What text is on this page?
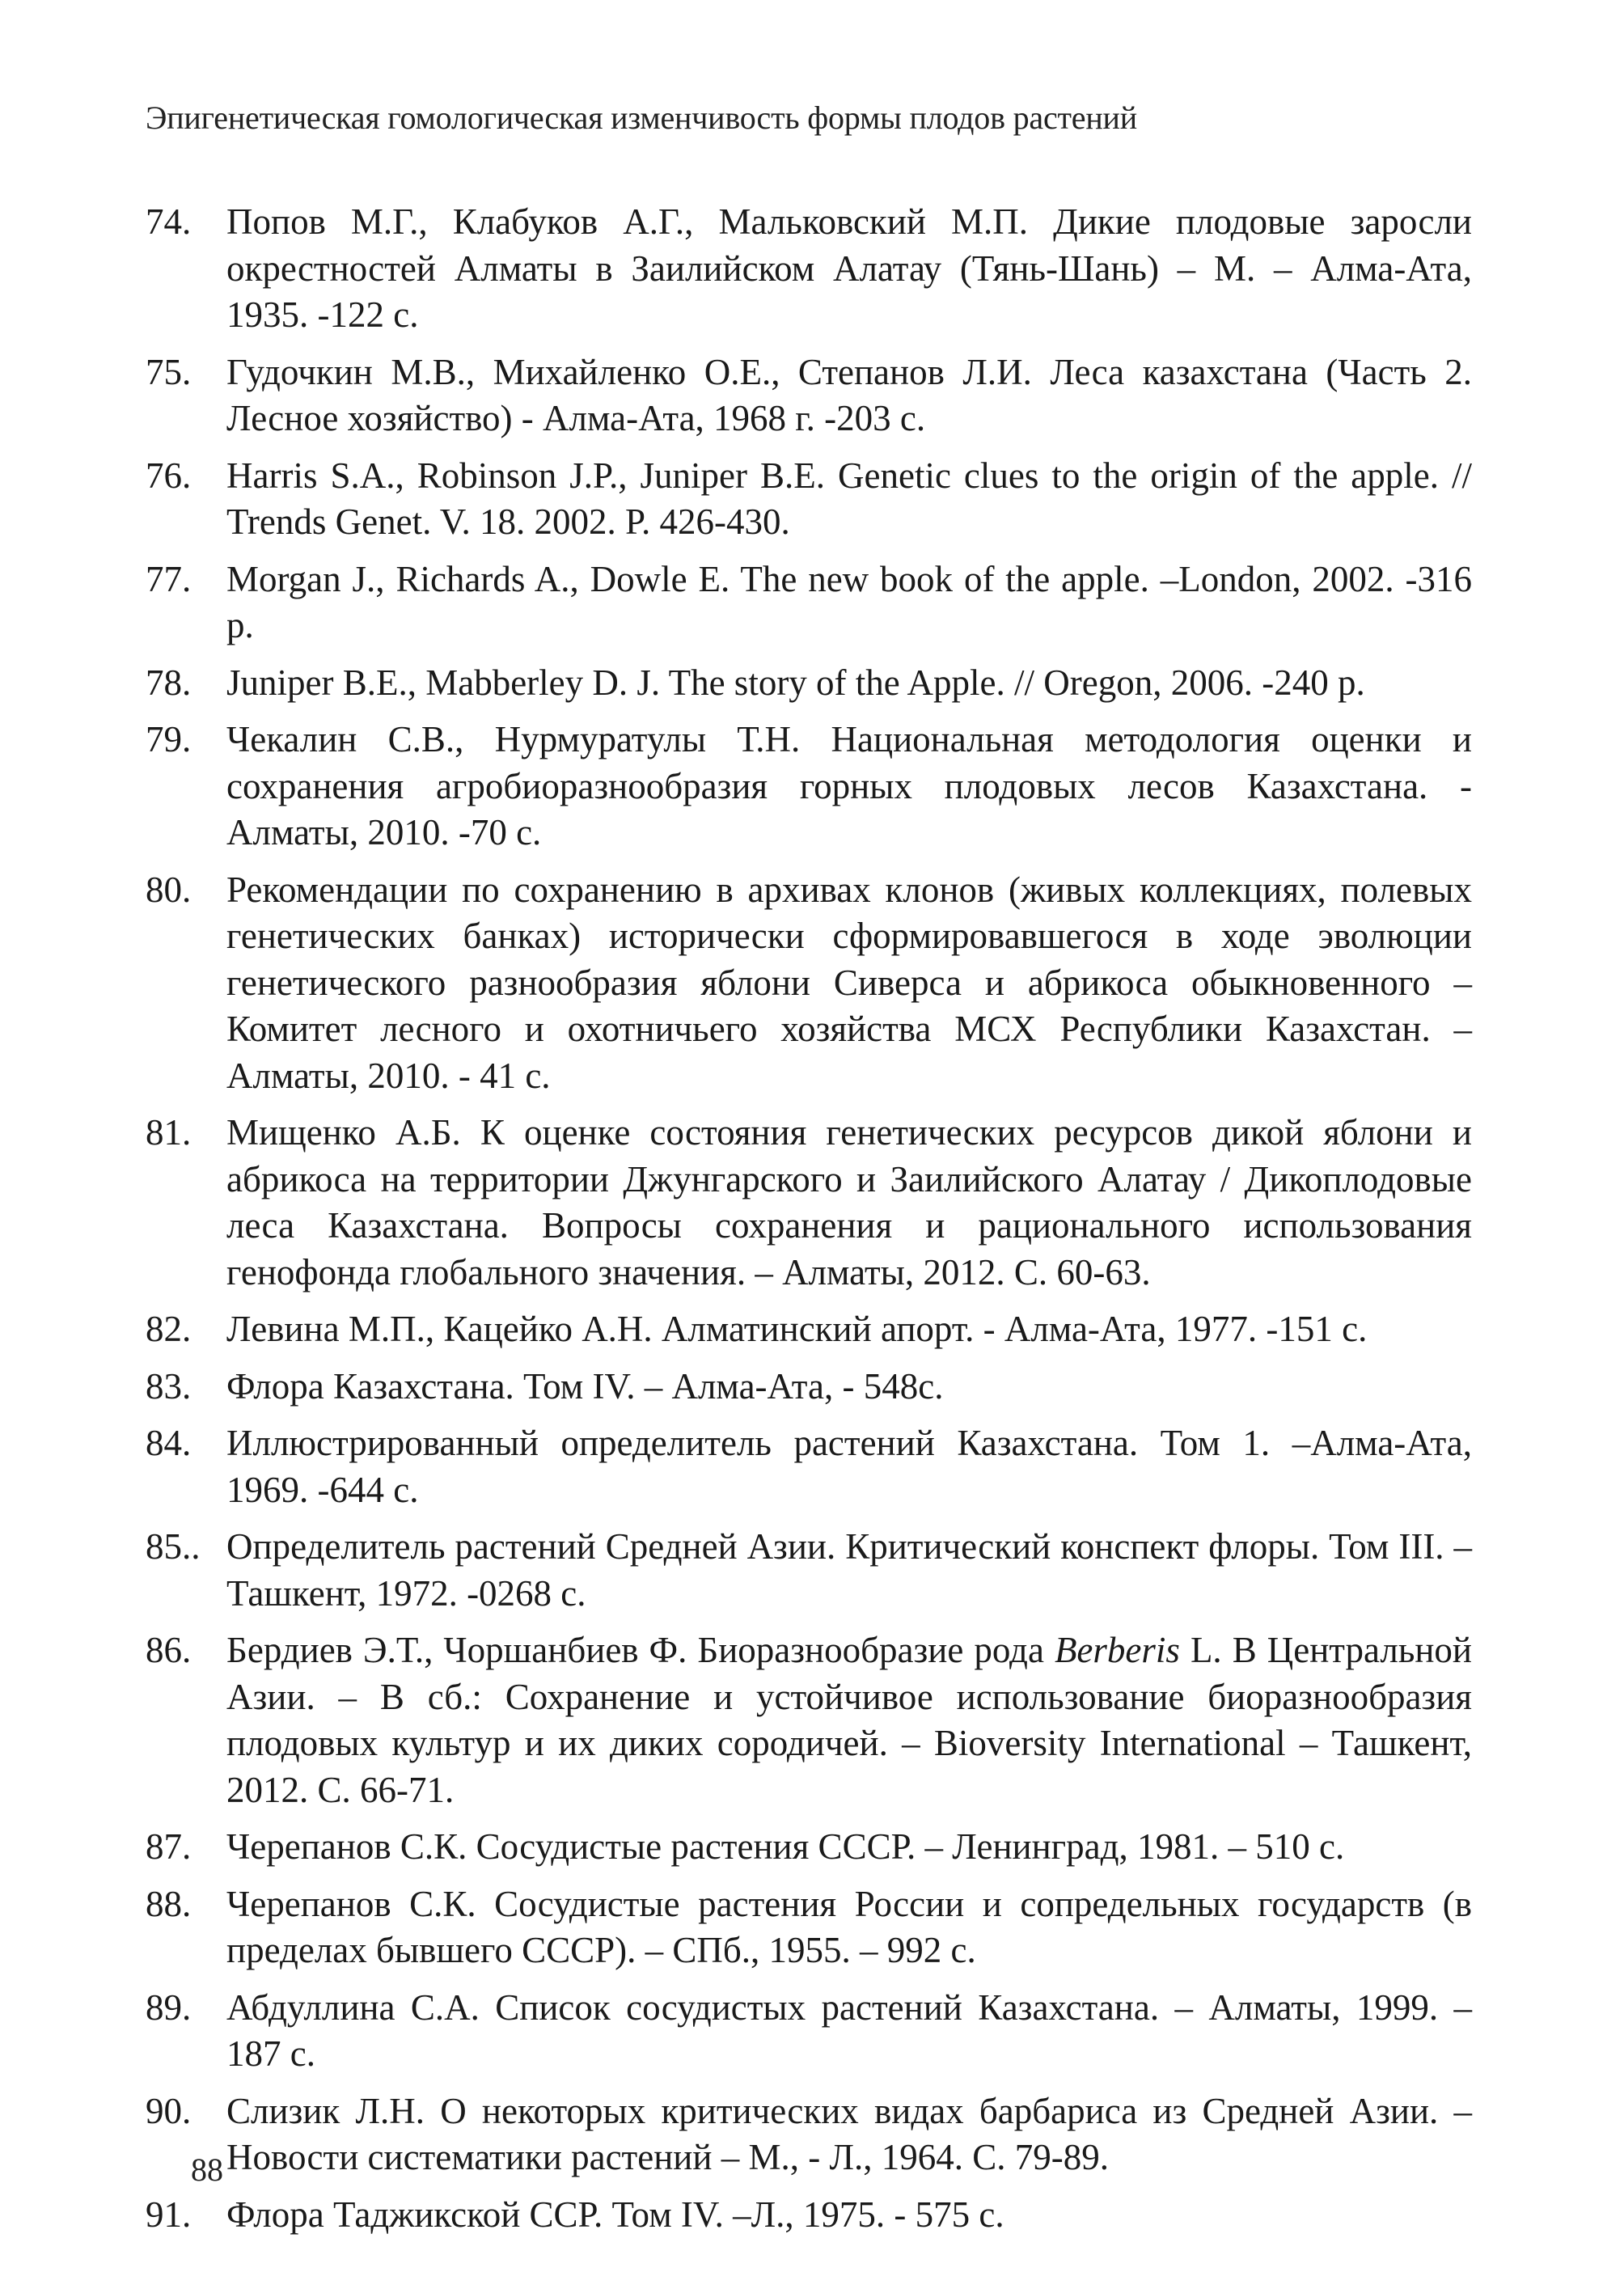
Эпигенетическая гомологическая изменчивость формы плодов растений
74. Попов М.Г., Клабуков А.Г., Мальковский М.П. Дикие плодовые заросли окрестностей Алматы в Заилийском Алатау (Тянь-Шань) – М. – Алма-Ата, 1935. -122 с.
75. Гудочкин М.В., Михайленко О.Е., Степанов Л.И. Леса казахстана (Часть 2. Лесное хозяйство) - Алма-Ата, 1968 г. -203 с.
76. Harris S.A., Robinson J.P., Juniper B.E. Genetic clues to the origin of the apple. // Trends Genet. V. 18. 2002. P. 426-430.
77. Morgan J., Richards A., Dowle E. The new book of the apple. –London, 2002. -316 p.
78. Juniper B.E., Mabberley D. J. The story of the Apple. // Oregon, 2006. -240 p.
79. Чекалин С.В., Нурмуратулы Т.Н. Национальная методология оценки и сохранения агробиоразнообразия горных плодовых лесов Казахстана. - Алматы, 2010. -70 с.
80. Рекомендации по сохранению в архивах клонов (живых коллекциях, полевых генетических банках) исторически сформировавшегося в ходе эволюции генетического разнообразия яблони Сиверса и абрикоса обыкновенного – Комитет лесного и охотничьего хозяйства МСХ Республики Казахстан. – Алматы, 2010. - 41 с.
81. Мищенко А.Б. К оценке состояния генетических ресурсов дикой яблони и абрикоса на территории Джунгарского и Заилийского Алатау / Дикоплодовые леса Казахстана. Вопросы сохранения и рационального использования генофонда глобального значения. – Алматы, 2012. С. 60-63.
82. Левина М.П., Кацейко А.Н. Алматинский апорт. - Алма-Ата, 1977. -151 с.
83. Флора Казахстана. Том IV. – Алма-Ата, - 548с.
84. Иллюстрированный определитель растений Казахстана. Том 1. –Алма-Ата, 1969. -644 с.
85.. Определитель растений Средней Азии. Критический конспект флоры. Том III. – Ташкент, 1972. -0268 с.
86. Бердиев Э.Т., Чоршанбиев Ф. Биоразнообразие рода Berberis L. В Центральной Азии. – В сб.: Сохранение и устойчивое использование биоразнообразия плодовых культур и их диких сородичей. – Bioversity International – Ташкент, 2012. С. 66-71.
87. Черепанов С.К. Сосудистые растения СССР. – Ленинград, 1981. – 510 с.
88. Черепанов С.К. Сосудистые растения России и сопредельных государств (в пределах бывшего СССР). – СПб., 1955. – 992 с.
89. Абдуллина С.А. Список сосудистых растений Казахстана. – Алматы, 1999. – 187 с.
90. Слизик Л.Н. О некоторых критических видах барбариса из Средней Азии. – Новости систематики растений – М., - Л., 1964. С. 79-89.
91. Флора Таджикской ССР. Том IV. –Л., 1975. - 575 с.
88
